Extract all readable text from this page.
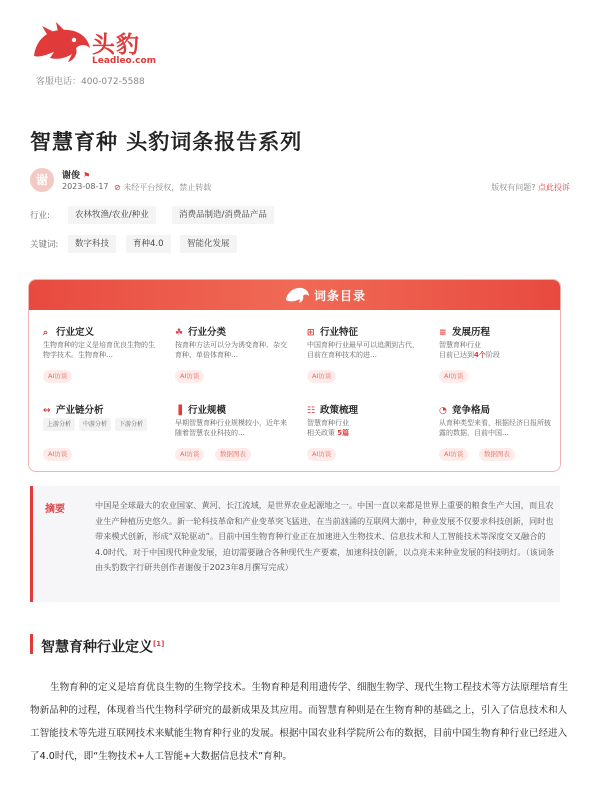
头豹
Leadleo.com
客服电话：400-072-5588
智慧育种 头豹词条报告系列
谢	谢俊 ⚑
2023-08-17 ⊘ 未经平台授权，禁止转载	版权有问题? 点此投诉
行业:	农林牧渔/农业/种业	消费品制造/消费品产品
关键词:	数字科技	育种4.0	智能化发展
词条目录
⌕ 行业定义
生物育种的定义是培育优良生物的生物学技术。生物育种…
AI访谈
☘ 行业分类
按育种方法可以分为诱变育种、杂交育种、单倍体育种…
AI访谈
⊞ 行业特征
中国育种行业最早可以追溯到古代，目前在育种技术的进…
AI访谈
≡ 发展历程
智慧育种行业
目前已达到4个阶段
AI访谈
↔ 产业链分析
上游分析	中游分析	下游分析
AI访谈
▐ 行业规模
早期智慧育种行业规模较小，近年来随着智慧农业科技的…
AI访谈	数据图表
☷ 政策梳理
智慧育种行业
相关政策 5篇
AI访谈
◔ 竞争格局
从育种类型来看，根据经济日报所披露的数据，目前中国…
AI访谈	数据图表
摘要	中国是全球最大的农业国家、黄河、长江流域，是世界农业起源地之一。中国一直以来都是世界上重要的粮食生产大国，而且农业生产种植历史悠久。新一轮科技革命和产业变革突飞猛进，在当前汹涌的互联网大潮中，种业发展不仅要求科技创新，同时也带来模式创新，形成“双轮驱动”。目前中国生物育种行业正在加速进入生物技术、信息技术和人工智能技术等深度交叉融合的4.0时代。对于中国现代种业发展，迫切需要融合各种现代生产要素，加速科技创新，以点亮未来种业发展的科技明灯。（该词条由头豹数字行研共创作者谢俊于2023年8月撰写完成）
智慧育种行业定义[1]
生物育种的定义是培育优良生物的生物学技术。生物育种是利用遗传学、细胞生物学、现代生物工程技术等方法原理培育生物新品种的过程，体现着当代生物科学研究的最新成果及其应用。而智慧育种则是在生物育种的基础之上，引入了信息技术和人工智能技术等先进互联网技术来赋能生物育种行业的发展。根据中国农业科学院所公布的数据，目前中国生物育种行业已经进入了4.0时代，即“生物技术+人工智能+大数据信息技术”育种。
